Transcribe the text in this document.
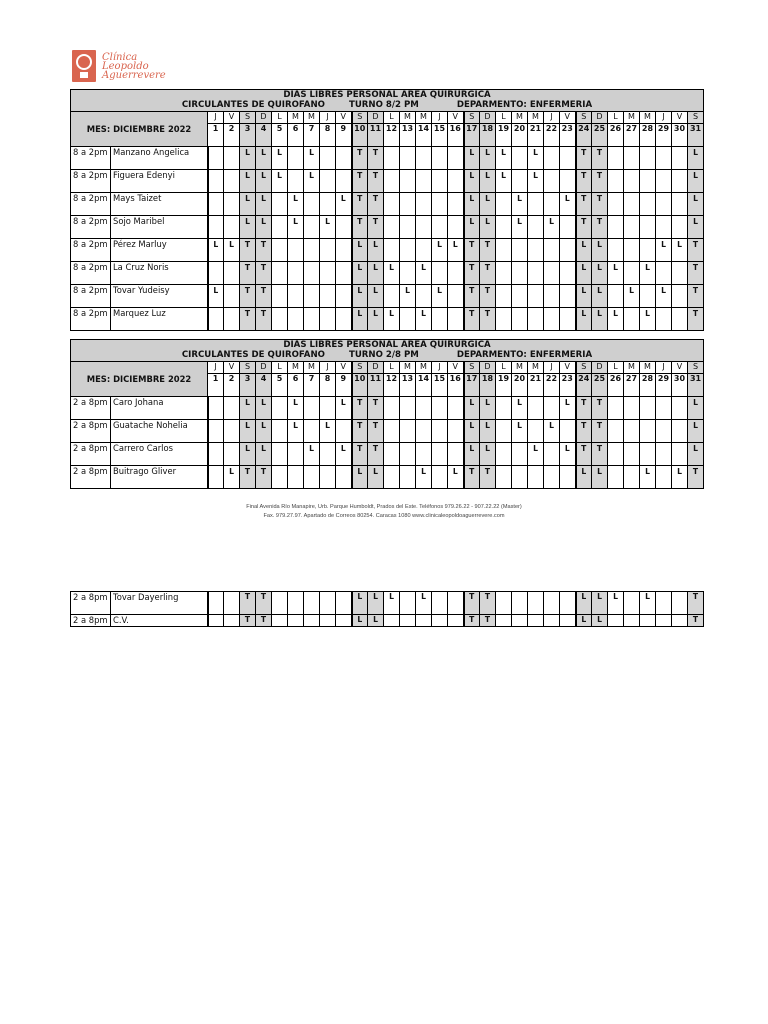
Clínica
Leopoldo
Aguerrevere
DIAS LIBRES PERSONAL AREA QUIRÚRGICA																																
CIRCULANTES DE QUIRÓFANO TURNO 8/2 PM DEPARMENTO: ENFERMERÍA																																
MES: DICIEMBRE 2022		J	V	S	D	L	M	M	J	V	S	D	L	M	M	J	V	S	D	L	M	M	J	V	S	D	L	M	M	J	V	S
		1	2	3	4	5	6	7	8	9	10	11	12	13	14	15	16	17	18	19	20	21	22	23	24	25	26	27	28	29	30	31
8 a 2pm	Manzano Angelica			L	L	L		L			T	T						L	L	L		L			T	T						L
8 a 2pm	Figuera Edenyi			L	L	L		L			T	T						L	L	L		L			T	T						L
8 a 2pm	Mays Taizet			L	L		L			L	T	T						L	L		L			L	T	T						L
8 a 2pm	Sojo Maribel			L	L		L		L		T	T						L	L		L		L		T	T						L
8 a 2pm	Pérez Marluy	L	L	T	T						L	L				L	L	T	T						L	L				L	L	T
8 a 2pm	La Cruz Noris			T	T						L	L	L		L			T	T						L	L	L		L			T
8 a 2pm	Tovar Yudeisy	L		T	T						L	L		L		L		T	T						L	L		L		L		T
8 a 2pm	Marquez Luz			T	T						L	L	L		L			T	T						L	L	L		L			T
DIAS LIBRES PERSONAL AREA QUIRÚRGICA																																
CIRCULANTES DE QUIRÓFANO TURNO 2/8 PM DEPARMENTO: ENFERMERÍA																																
MES: DICIEMBRE 2022		J	V	S	D	L	M	M	J	V	S	D	L	M	M	J	V	S	D	L	M	M	J	V	S	D	L	M	M	J	V	S
		1	2	3	4	5	6	7	8	9	10	11	12	13	14	15	16	17	18	19	20	21	22	23	24	25	26	27	28	29	30	31
2 a 8pm	Caro Johana			L	L		L			L	T	T						L	L		L			L	T	T						L
2 a 8pm	Guatache Nohelia			L	L		L		L		T	T						L	L		L		L		T	T						L
2 a 8pm	Carrero Carlos			L	L			L		L	T	T						L	L			L		L	T	T						L
2 a 8pm	Buitrago Gliver		L	T	T						L	L			L		L	T	T						L	L			L		L	T
Final Avenida Río Manapire, Urb. Parque Humboldt, Prados del Este. Teléfonos 979.26.22 - 907.22.22 (Master)
Fax. 979.27.97. Apartado de Correos 80254. Caracas 1080 www.clinicaleopoldoaguerrevere.com
2 a 8pm	Tovar Dayerling			T	T						L	L	L		L			T	T						L	L	L		L			T
2 a 8pm	C.V.			T	T						L	L						T	T						L	L						T
